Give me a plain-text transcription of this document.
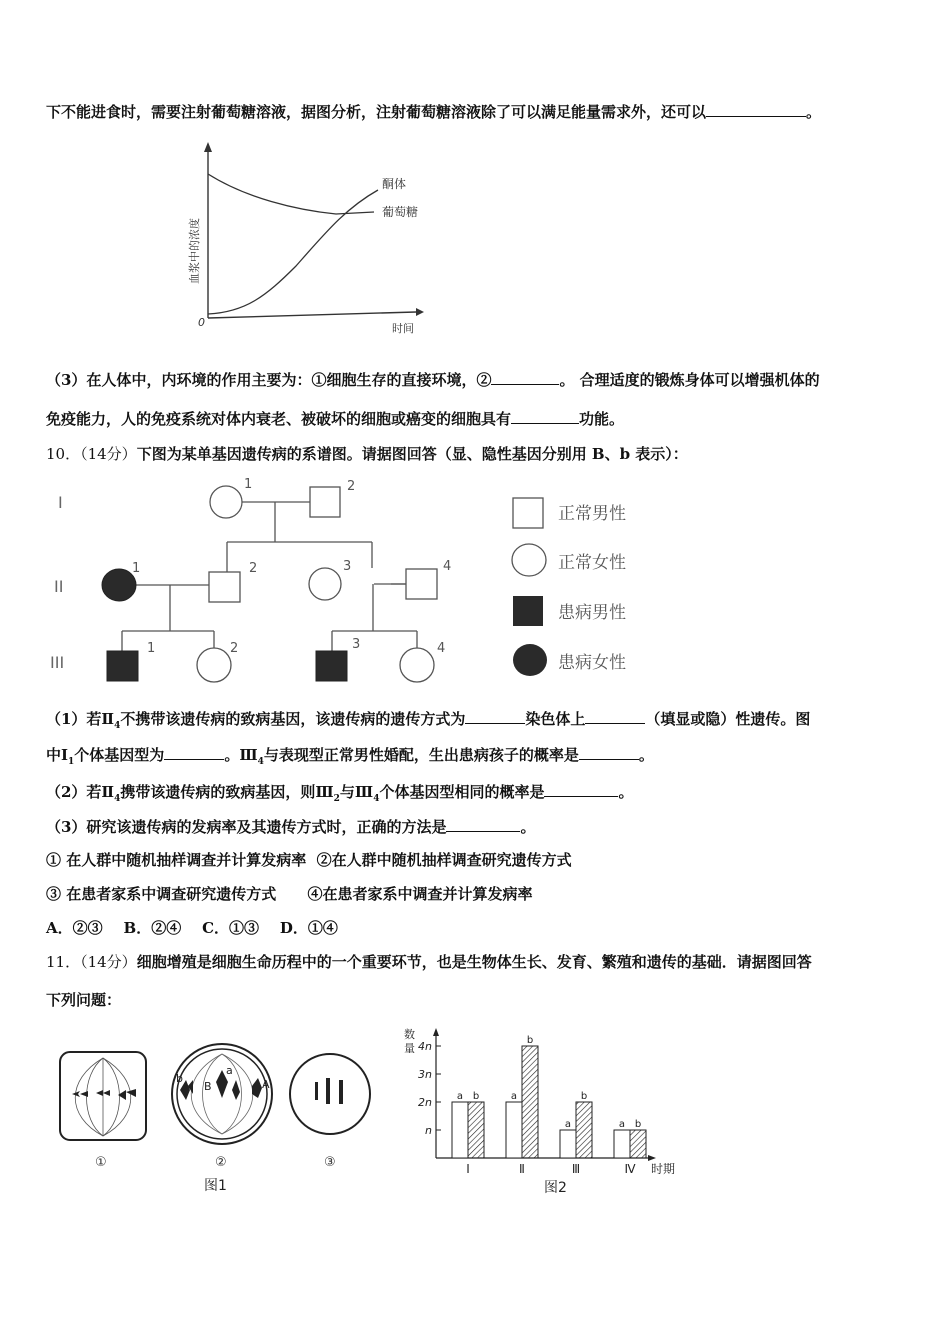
下不能进食时，需要注射葡萄糖溶液，据图分析，注射葡萄糖溶液除了可以满足能量需求外，还可以	。
0	时间
酮体
葡萄糖
血浆中的浓度
（3）在人体中，内环境的作用主要为：①细胞生存的直接环境，②	。 合理适度的锻炼身体可以增强机体的
免疫能力，人的免疫系统对体内衰老、被破坏的细胞或癌变的细胞具有	功能。
10．（14分）下图为某单基因遗传病的系谱图。请据图回答（显、隐性基因分别用 B、b 表示）：
I
II
III
1	2
1	2	3	4
1	2	3	4
正常男性
正常女性
患病男性
患病女性
（1）若$Ⅱ_4$不携带该遗传病的致病基因，该遗传病的遗传方式为	染色体上	（填显或隐）性遗传。图
中$Ⅰ_1$个体基因型为	。$Ⅲ_4$与表现型正常男性婚配，生出患病孩子的概率是	。
（2）若$Ⅱ_4$携带该遗传病的致病基因，则$Ⅲ_2$与$Ⅲ_4$个体基因型相同的概率是	。
（3）研究该遗传病的发病率及其遗传方式时，正确的方法是	。
① 在人群中随机抽样调查并计算发病率  ②在人群中随机抽样调查研究遗传方式
③ 在患者家系中调查研究遗传方式      ④在患者家系中调查并计算发病率
A．②③    B．②④    C．①③    D．①④
11．（14分）细胞增殖是细胞生命历程中的一个重要环节，也是生物体生长、发育、繁殖和遗传的基础．请据图回答
下列问题：
b
B
a
A
①	②	③
图1
数
量
n
2n
3n
4n
a b
Ⅰ
a
b
Ⅱ
a
b
Ⅲ
a b
Ⅳ 时期
图2
